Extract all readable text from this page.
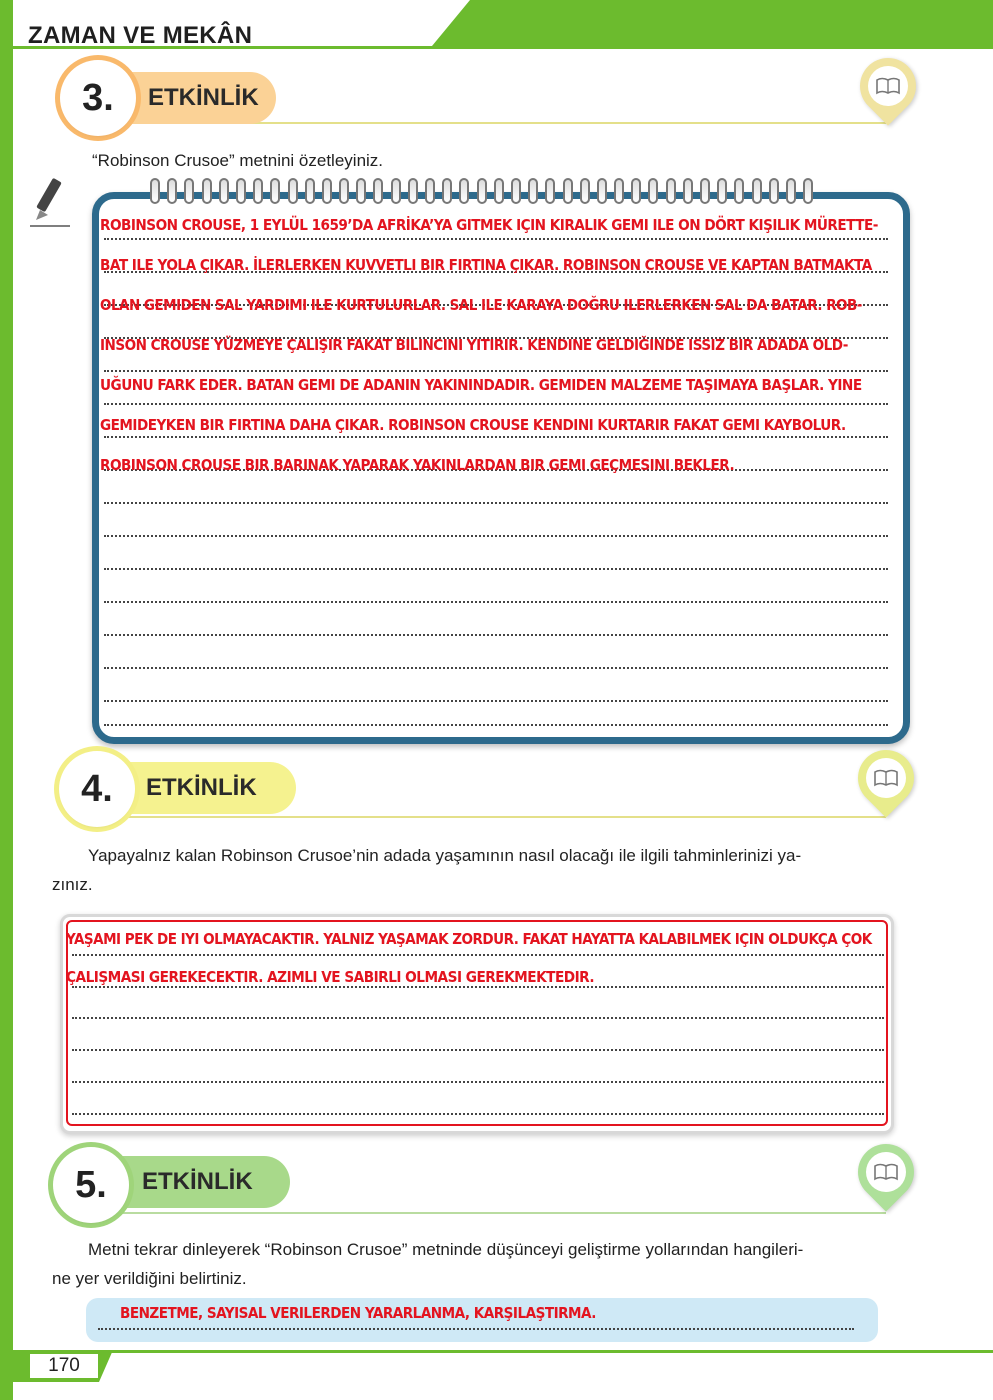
ZAMAN VE MEKÂN
ETKİNLİK
3.
“Robinson Crusoe” metnini özetleyiniz.
ROBINSON CROUSE, 1 EYLÜL 1659’DA AFRİKA’YA GITMEK IÇIN KIRALIK GEMI ILE ON DÖRT KIŞILIK MÜRETTE-
BAT ILE YOLA ÇIKAR. İLERLERKEN KUVVETLI BIR FIRTINA ÇIKAR. ROBINSON CROUSE VE KAPTAN BATMAKTA
OLAN GEMIDEN SAL YARDIMI ILE KURTULURLAR. SAL ILE KARAYA DOĞRU ILERLERKEN SAL DA BATAR. ROB-
INSON CROUSE YÜZMEYE ÇALIŞIR FAKAT BILINCINI YITIRIR. KENDINE GELDIĞINDE ISSIZ BIR ADADA OLD-
UĞUNU FARK EDER. BATAN GEMI DE ADANIN YAKININDADIR. GEMIDEN MALZEME TAŞIMAYA BAŞLAR. YINE
GEMIDEYKEN BIR FIRTINA DAHA ÇIKAR. ROBINSON CROUSE KENDINI KURTARIR FAKAT GEMI KAYBOLUR.
ROBINSON CROUSE BIR BARINAK YAPARAK YAKINLARDAN BIR GEMI GEÇMESINI BEKLER.
ETKİNLİK
4.
Yapayalnız kalan Robinson Crusoe’nin adada yaşamının nasıl olacağı ile ilgili tahminlerinizi ya-
zınız.
YAŞAMI PEK DE IYI OLMAYACAKTIR. YALNIZ YAŞAMAK ZORDUR. FAKAT HAYATTA KALABILMEK IÇIN OLDUKÇA ÇOK
ÇALIŞMASI GEREKECEKTIR. AZIMLI VE SABIRLI OLMASI GEREKMEKTEDIR.
ETKİNLİK
5.
Metni tekrar dinleyerek “Robinson Crusoe” metninde düşünceyi geliştirme yollarından hangileri-
ne yer verildiğini belirtiniz.
BENZETME, SAYISAL VERILERDEN YARARLANMA, KARŞILAŞTIRMA.
170
